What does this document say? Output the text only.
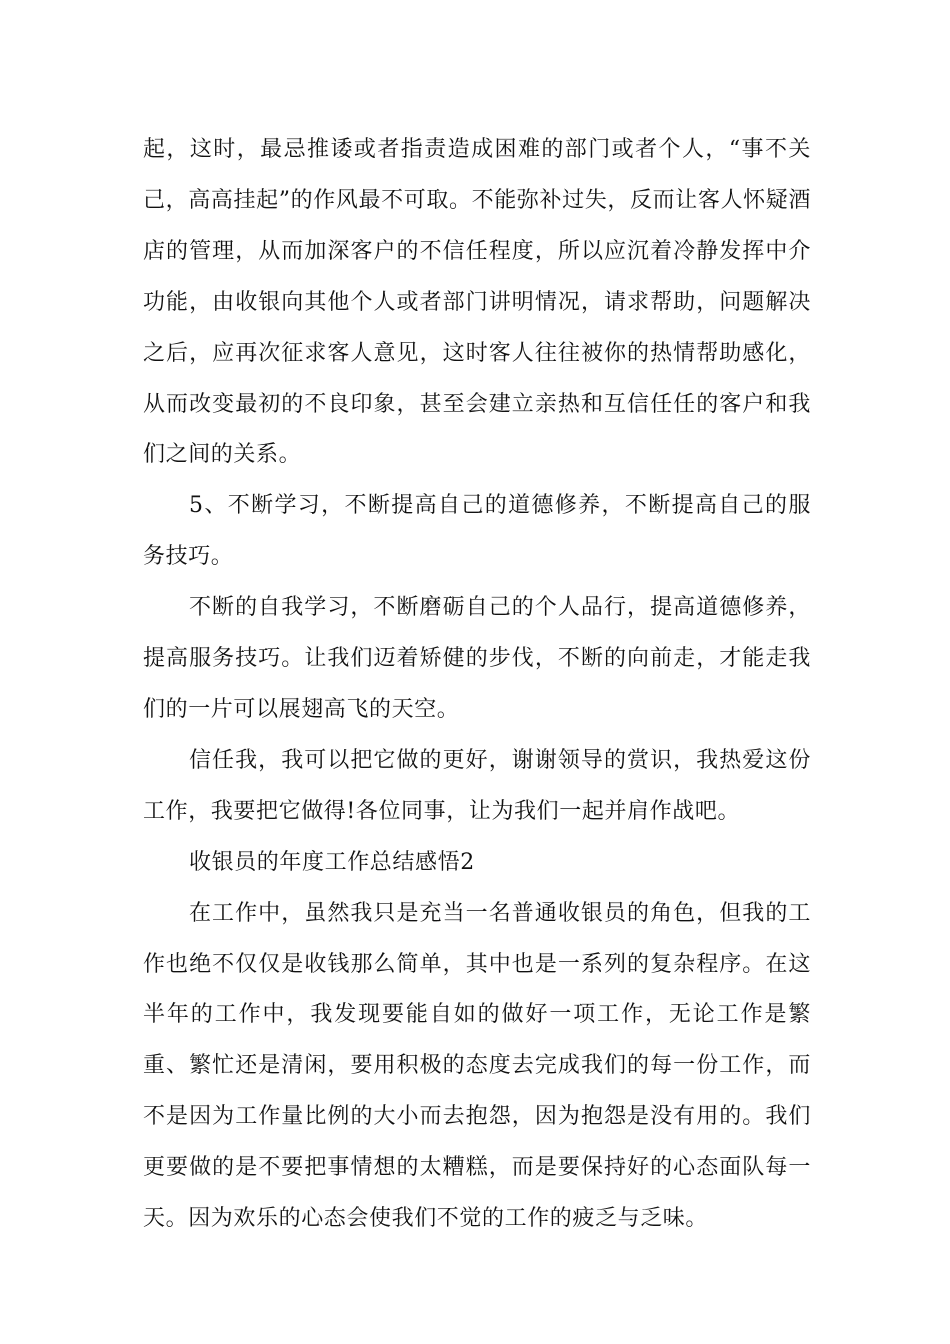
起，这时，最忌推诿或者指责造成困难的部门或者个人，“事不关己，高高挂起”的作风最不可取。不能弥补过失，反而让客人怀疑酒店的管理，从而加深客户的不信任程度，所以应沉着冷静发挥中介功能，由收银向其他个人或者部门讲明情况，请求帮助，问题解决之后，应再次征求客人意见，这时客人往往被你的热情帮助感化，从而改变最初的不良印象，甚至会建立亲热和互信任任的客户和我们之间的关系。

5、不断学习，不断提高自己的道德修养，不断提高自己的服务技巧。

不断的自我学习，不断磨砺自己的个人品行，提高道德修养，提高服务技巧。让我们迈着矫健的步伐，不断的向前走，才能走我们的一片可以展翅高飞的天空。

信任我，我可以把它做的更好，谢谢领导的赏识，我热爱这份工作，我要把它做得!各位同事，让为我们一起并肩作战吧。

收银员的年度工作总结感悟2

在工作中，虽然我只是充当一名普通收银员的角色，但我的工作也绝不仅仅是收钱那么简单，其中也是一系列的复杂程序。在这半年的工作中，我发现要能自如的做好一项工作，无论工作是繁重、繁忙还是清闲，要用积极的态度去完成我们的每一份工作，而不是因为工作量比例的大小而去抱怨，因为抱怨是没有用的。我们更要做的是不要把事情想的太糟糕，而是要保持好的心态面队每一天。因为欢乐的心态会使我们不觉的工作的疲乏与乏味。
